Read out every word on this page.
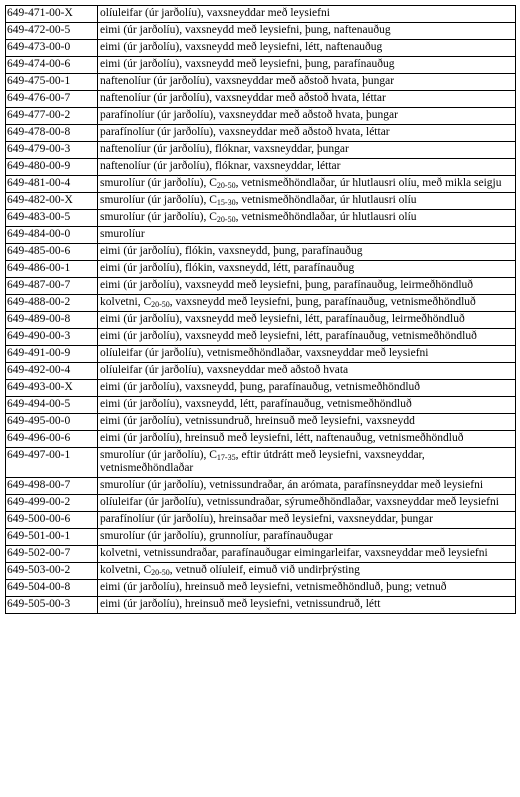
649-471-00-X	olíuleifar (úr jarðolíu), vaxsneyddar með leysiefni
649-472-00-5	eimi (úr jarðolíu), vaxsneydd með leysiefni, þung, naftenauðug
649-473-00-0	eimi (úr jarðolíu), vaxsneydd með leysiefni, létt, naftenauðug
649-474-00-6	eimi (úr jarðolíu), vaxsneydd með leysiefni, þung, parafínauðug
649-475-00-1	naftenolíur (úr jarðolíu), vaxsneyddar með aðstoð hvata, þungar
649-476-00-7	naftenolíur (úr jarðolíu), vaxsneyddar með aðstoð hvata, léttar
649-477-00-2	parafínolíur (úr jarðolíu), vaxsneyddar með aðstoð hvata, þungar
649-478-00-8	parafínolíur (úr jarðolíu), vaxsneyddar með aðstoð hvata, léttar
649-479-00-3	naftenolíur (úr jarðolíu), flóknar, vaxsneyddar, þungar
649-480-00-9	naftenolíur (úr jarðolíu), flóknar, vaxsneyddar, léttar
649-481-00-4	smurolíur (úr jarðolíu), $C_{20-50}$, vetnismeðhöndlaðar, úr hlutlausri olíu, með mikla seigju
649-482-00-X	smurolíur (úr jarðolíu), $C_{15-30}$, vetnismeðhöndlaðar, úr hlutlausri olíu
649-483-00-5	smurolíur (úr jarðolíu), $C_{20-50}$, vetnismeðhöndlaðar, úr hlutlausri olíu
649-484-00-0	smurolíur
649-485-00-6	eimi (úr jarðolíu), flókin, vaxsneydd, þung, parafínauðug
649-486-00-1	eimi (úr jarðolíu), flókin, vaxsneydd, létt, parafínauðug
649-487-00-7	eimi (úr jarðolíu), vaxsneydd með leysiefni, þung, parafínauðug, leirmeðhöndluð
649-488-00-2	kolvetni, $C_{20-50}$, vaxsneydd með leysiefni, þung, parafínauðug, vetnismeðhöndluð
649-489-00-8	eimi (úr jarðolíu), vaxsneydd með leysiefni, létt, parafínauðug, leirmeðhöndluð
649-490-00-3	eimi (úr jarðolíu), vaxsneydd með leysiefni, létt, parafínauðug, vetnismeðhöndluð
649-491-00-9	olíuleifar (úr jarðolíu), vetnismeðhöndlaðar, vaxsneyddar með leysiefni
649-492-00-4	olíuleifar (úr jarðolíu), vaxsneyddar með aðstoð hvata
649-493-00-X	eimi (úr jarðolíu), vaxsneydd, þung, parafínauðug, vetnismeðhöndluð
649-494-00-5	eimi (úr jarðolíu), vaxsneydd, létt, parafínauðug, vetnismeðhöndluð
649-495-00-0	eimi (úr jarðolíu), vetnissundruð, hreinsuð með leysiefni, vaxsneydd
649-496-00-6	eimi (úr jarðolíu), hreinsuð með leysiefni, létt, naftenauðug, vetnismeðhöndluð
649-497-00-1	smurolíur (úr jarðolíu), $C_{17-35}$, eftir útdrátt með leysiefni, vaxsneyddar, vetnismeðhöndlaðar
649-498-00-7	smurolíur (úr jarðolíu), vetnissundraðar, án arómata, parafínsneyddar með leysiefni
649-499-00-2	olíuleifar (úr jarðolíu), vetnissundraðar, sýrumeðhöndlaðar, vaxsneyddar með leysiefni
649-500-00-6	parafínolíur (úr jarðolíu), hreinsaðar með leysiefni, vaxsneyddar, þungar
649-501-00-1	smurolíur (úr jarðolíu), grunnolíur, parafínauðugar
649-502-00-7	kolvetni, vetnissundraðar, parafínauðugar eimingarleifar, vaxsneyddar með leysiefni
649-503-00-2	kolvetni, $C_{20-50}$, vetnuð olíuleif, eimuð við undirþrýsting
649-504-00-8	eimi (úr jarðolíu), hreinsuð með leysiefni, vetnismeðhöndluð, þung; vetnuð
649-505-00-3	eimi (úr jarðolíu), hreinsuð með leysiefni, vetnissundruð, létt
